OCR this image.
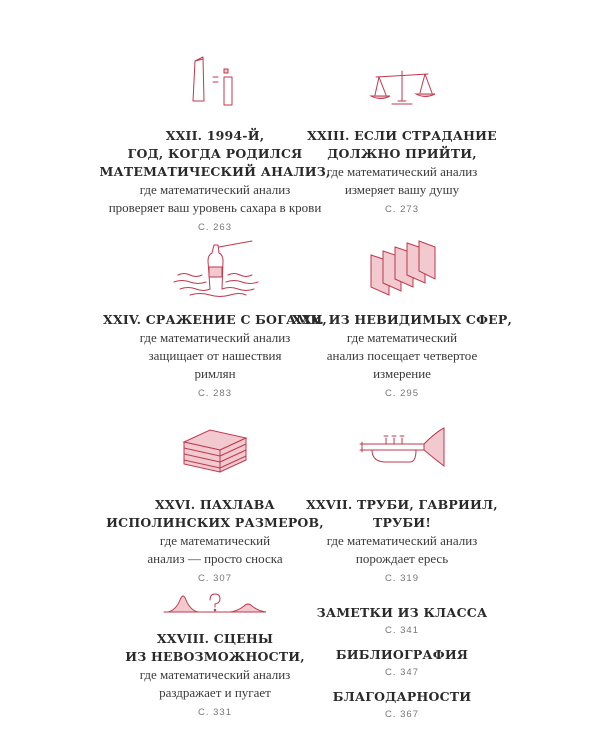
XXII. 1994-Й,
ГОД, КОГДА РОДИЛСЯ
МАТЕМАТИЧЕСКИЙ АНАЛИЗ,
где математический анализ
проверяет ваш уровень сахара в крови
С. 263
XXIII. ЕСЛИ СТРАДАНИЕ
ДОЛЖНО ПРИЙТИ,
где математический анализ
измеряет вашу душу
С. 273
XXIV. СРАЖЕНИЕ С БОГАМИ,
где математический анализ
защищает от нашествия
римлян
С. 283
XXV. ИЗ НЕВИДИМЫХ СФЕР,
где математический
анализ посещает четвертое
измерение
С. 295
XXVI. ПАХЛАВА
ИСПОЛИНСКИХ РАЗМЕРОВ,
где математический
анализ — просто сноска
С. 307
XXVII. ТРУБИ, ГАВРИИЛ,
ТРУБИ!
где математический анализ
порождает ересь
С. 319
XXVIII. СЦЕНЫ
ИЗ НЕВОЗМОЖНОСТИ,
где математический анализ
раздражает и пугает
С. 331
ЗАМЕТКИ ИЗ КЛАССА
С. 341
БИБЛИОГРАФИЯ
С. 347
БЛАГОДАРНОСТИ
С. 367
